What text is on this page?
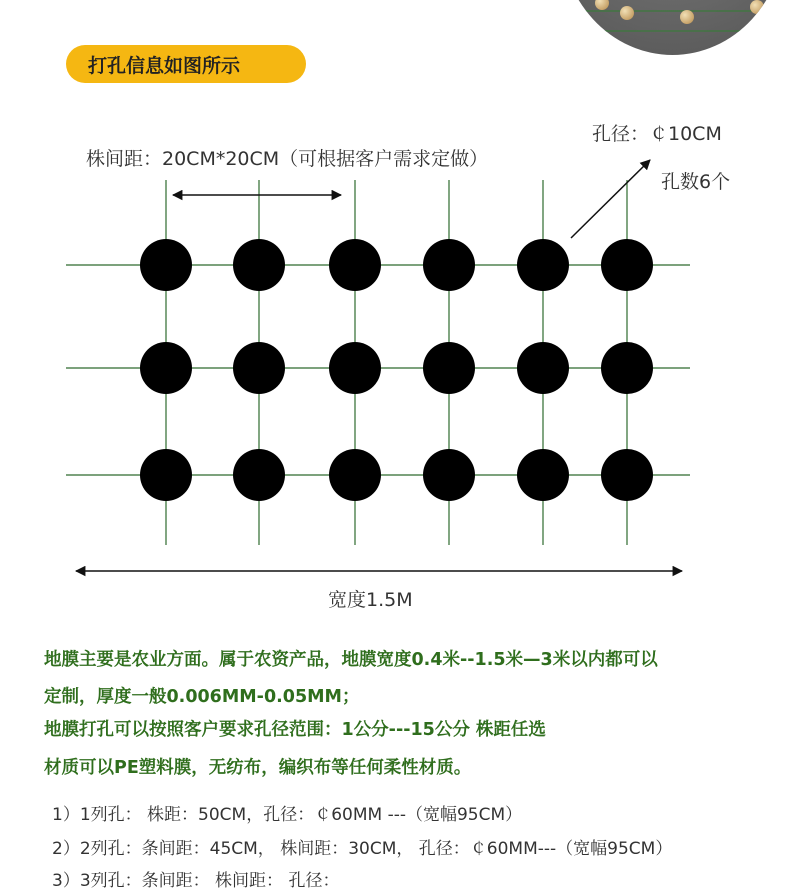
打孔信息如图所示
株间距：20CM*20CM（可根据客户需求定做）
孔径：￠10CM
孔数6个
宽度1.5M
地膜主要是农业方面。属于农资产品，地膜宽度0.4米--1.5米—3米以内都可以
定制，厚度一般0.006MM-0.05MM；
地膜打孔可以按照客户要求孔径范围：1公分---15公分 株距任选
材质可以PE塑料膜，无纺布，编织布等任何柔性材质。
1）1列孔： 株距：50CM，孔径：￠60MM ---（宽幅95CM）
2）2列孔：条间距：45CM， 株间距：30CM， 孔径：￠60MM---（宽幅95CM）
3）3列孔：条间距： 株间距： 孔径：
